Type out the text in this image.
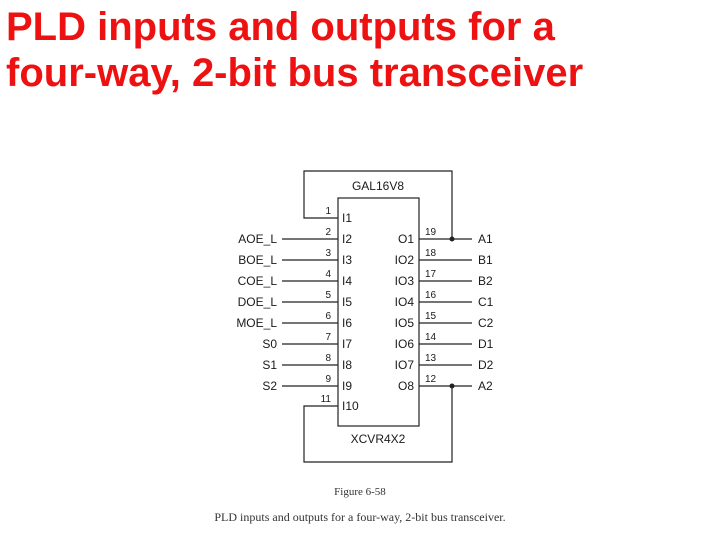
PLD inputs and outputs for a
four-way, 2-bit bus transceiver
GAL16V8
XCVR4X2
1 I1
2 I2
AOE_L
3 I3
BOE_L
4 I4
COE_L
5 I5
DOE_L
6 I6
MOE_L
7 I7
S0
8 I8
S1
9 I9
S2
11 I10
19
O1	A1
18
IO2	B1
17
IO3	B2
16
IO4	C1
15
IO5	C2
14
IO6	D1
13
IO7	D2
12
O8	A2
Figure 6-58
PLD inputs and outputs for a four-way, 2-bit bus transceiver.
